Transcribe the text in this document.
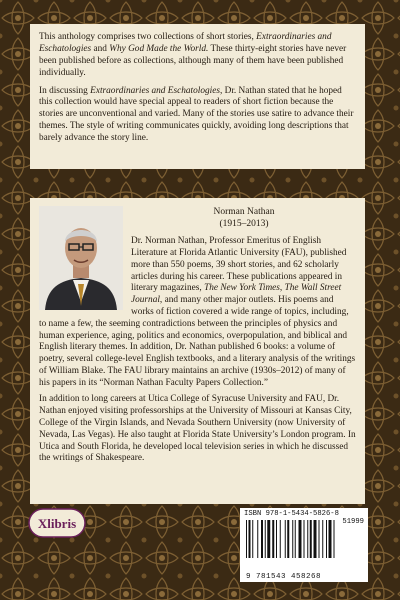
This anthology comprises two collections of short stories, Extraordinaries and Eschatologies and Why God Made the World. These thirty-eight stories have never been published before as collections, although many of them have been published individually.

In discussing Extraordinaries and Eschatologies, Dr. Nathan stated that he hoped this collection would have special appeal to readers of short fiction because the stories are unconventional and varied. Many of the stories use satire to advance their themes. The style of writing communicates quickly, avoiding long descriptions that barely advance the story line.

Norman Nathan
(1915–2013)

Dr. Norman Nathan, Professor Emeritus of English Literature at Florida Atlantic University (FAU), published more than 550 poems, 39 short stories, and 62 scholarly articles during his career. These publications appeared in literary magazines, The New York Times, The Wall Street Journal, and many other major outlets. His poems and works of fiction covered a wide range of topics, including, to name a few, the seeming contradictions between the principles of physics and human experience, aging, politics and economics, overpopulation, and biblical and English literary themes. In addition, Dr. Nathan published 6 books: a volume of poetry, several college-level English textbooks, and a literary analysis of the writings of William Blake. The FAU library maintains an archive (1930s–2012) of many of his papers in its “Norman Nathan Faculty Papers Collection.”

In addition to long careers at Utica College of Syracuse University and FAU, Dr. Nathan enjoyed visiting professorships at the University of Missouri at Kansas City, College of the Virgin Islands, and Nevada Southern University (now University of Nevada, Las Vegas). He also taught at Florida State University’s London program. In Utica and South Florida, he developed local television series in which he discussed the writings of Shakespeare.

Xlibris
ISBN 978-1-5434-5826-8
51999
9 781543 458268
